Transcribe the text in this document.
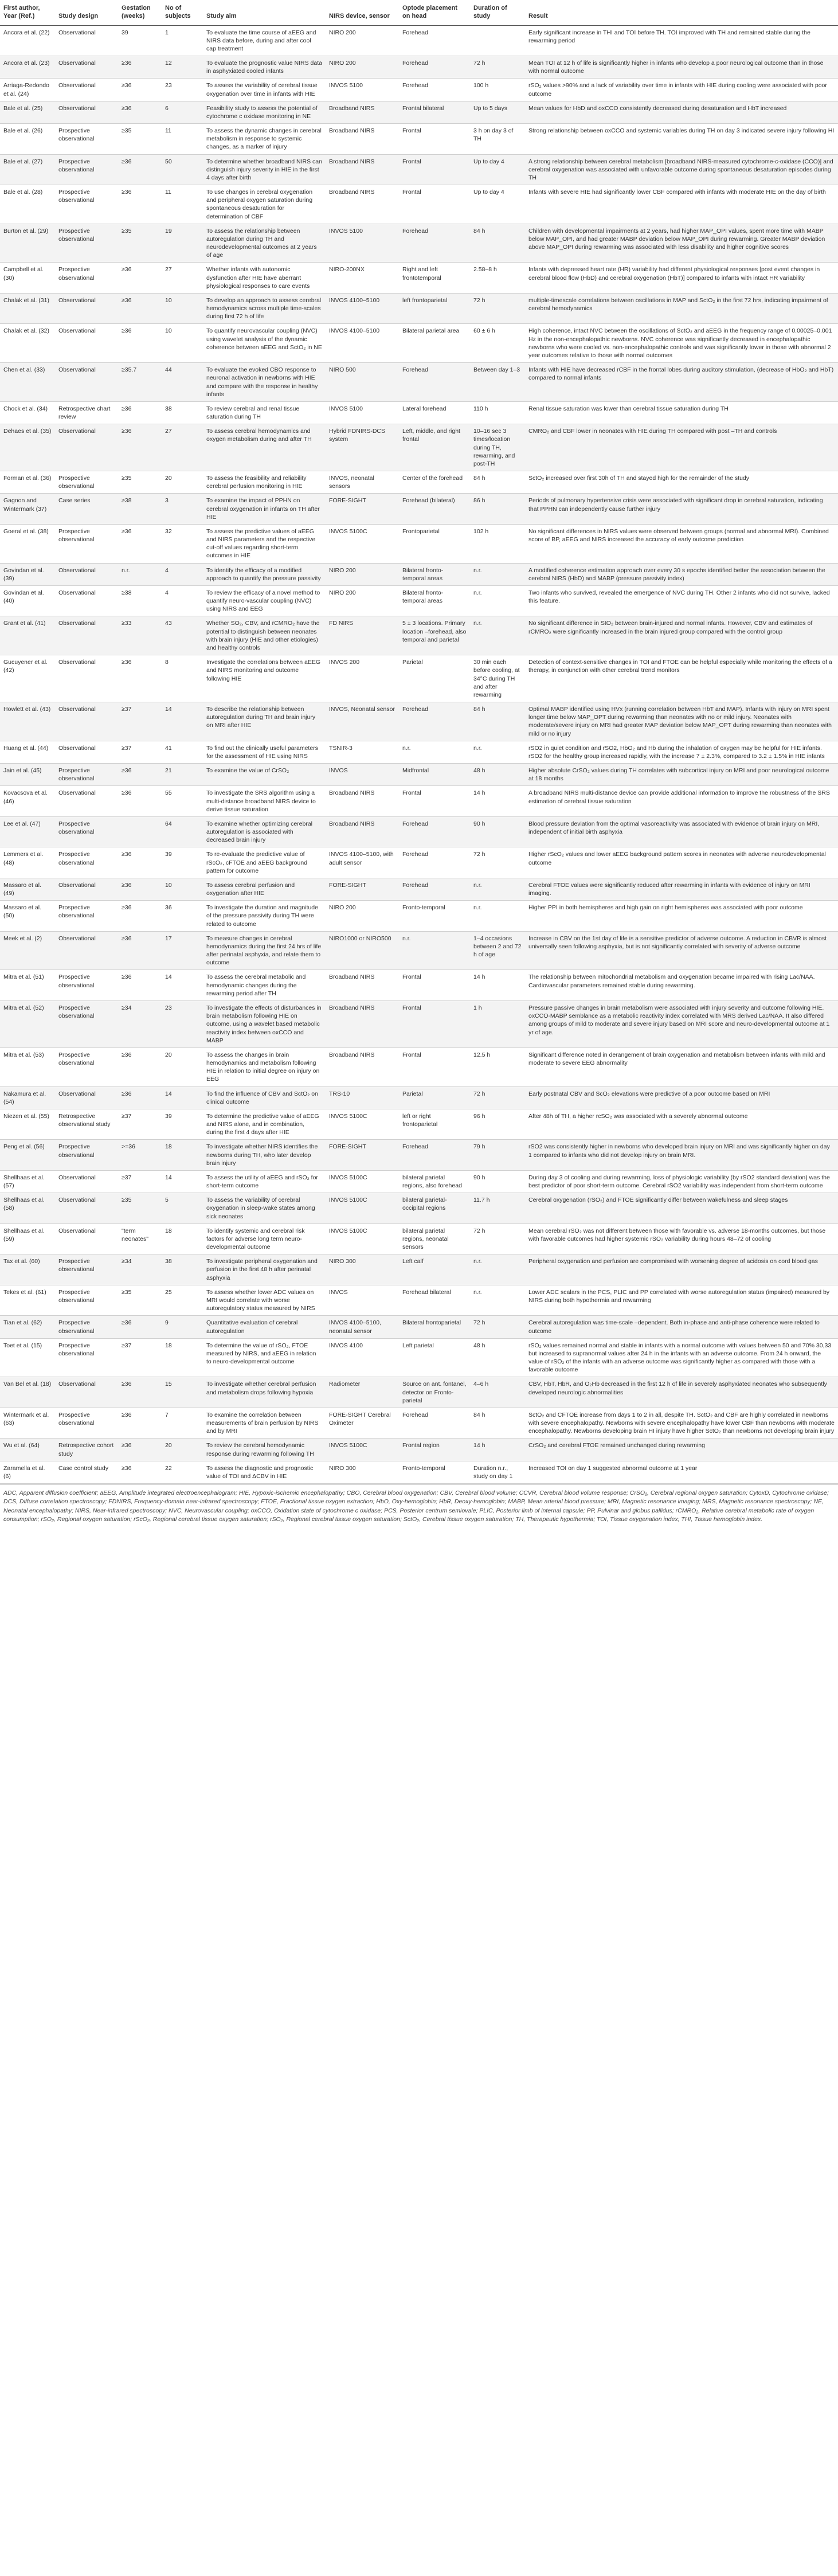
First author, Year (Ref.)	Study design	Gestation (weeks)	No of subjects	Study aim	NIRS device, sensor	Optode placement on head	Duration of study	Result
Ancora et al. (22)	Observational	39	1	To evaluate the time course of aEEG and NIRS data before, during and after cool cap treatment	NIRO 200	Forehead		Early significant increase in THI and TOI before TH. TOI improved with TH and remained stable during the rewarming period
Ancora et al. (23)	Observational	≥36	12	To evaluate the prognostic value NIRS data in asphyxiated cooled infants	NIRO 200	Forehead	72 h	Mean TOI at 12 h of life is significantly higher in infants who develop a poor neurological outcome than in those with normal outcome
Arriaga-Redondo et al. (24)	Observational	≥36	23	To assess the variability of cerebral tissue oxygenation over time in infants with HIE	INVOS 5100	Forehead	100 h	rSO₂ values >90% and a lack of variability over time in infants with HIE during cooling were associated with poor outcome
Bale et al. (25)	Observational	≥36	6	Feasibility study to assess the potential of cytochrome c oxidase monitoring in NE	Broadband NIRS	Frontal bilateral	Up to 5 days	Mean values for HbD and oxCCO consistently decreased during desaturation and HbT increased
Bale et al. (26)	Prospective observational	≥35	11	To assess the dynamic changes in cerebral metabolism in response to systemic changes, as a marker of injury	Broadband NIRS	Frontal	3 h on day 3 of TH	Strong relationship between oxCCO and systemic variables during TH on day 3 indicated severe injury following HI
Bale et al. (27)	Prospective observational	≥36	50	To determine whether broadband NIRS can distinguish injury severity in HIE in the first 4 days after birth	Broadband NIRS	Frontal	Up to day 4	A strong relationship between cerebral metabolism [broadband NIRS-measured cytochrome-c-oxidase (CCO)] and cerebral oxygenation was associated with unfavorable outcome during spontaneous desaturation episodes during TH
Bale et al. (28)	Prospective observational	≥36	11	To use changes in cerebral oxygenation and peripheral oxygen saturation during spontaneous desaturation for determination of CBF	Broadband NIRS	Frontal	Up to day 4	Infants with severe HIE had significantly lower CBF compared with infants with moderate HIE on the day of birth
Burton et al. (29)	Prospective observational	≥35	19	To assess the relationship between autoregulation during TH and neurodevelopmental outcomes at 2 years of age	INVOS 5100	Forehead	84 h	Children with developmental impairments at 2 years, had higher MAP_OPI values, spent more time with MABP below MAP_OPI, and had greater MABP deviation below MAP_OPI during rewarming. Greater MABP deviation above MAP_OPI during rewarming was associated with less disability and higher cognitive scores
Campbell et al. (30)	Prospective observational	≥36	27	Whether infants with autonomic dysfunction after HIE have aberrant physiological responses to care events	NIRO-200NX	Right and left frontotemporal	2.58–8 h	Infants with depressed heart rate (HR) variability had different physiological responses [post event changes in cerebral blood flow (HbD) and cerebral oxygenation (HbT)] compared to infants with intact HR variability
Chalak et al. (31)	Observational	≥36	10	To develop an approach to assess cerebral hemodynamics across multiple time-scales during first 72 h of life	INVOS 4100–5100	left frontoparietal	72 h	multiple-timescale correlations between oscillations in MAP and SctO₂ in the first 72 hrs, indicating impairment of cerebral hemodynamics
Chalak et al. (32)	Observational	≥36	10	To quantify neurovascular coupling (NVC) using wavelet analysis of the dynamic coherence between aEEG and SctO₂ in NE	INVOS 4100–5100	Bilateral parietal area	60 ± 6 h	High coherence, intact NVC between the oscillations of SctO₂ and aEEG in the frequency range of 0.00025–0.001 Hz in the non-encephalopathic newborns. NVC coherence was significantly decreased in encephalopathic newborns who were cooled vs. non-encephalopathic controls and was significantly lower in those with abnormal 2 year outcomes relative to those with normal outcomes
Chen et al. (33)	Observational	≥35.7	44	To evaluate the evoked CBO response to neuronal activation in newborns with HIE and compare with the response in healthy infants	NIRO 500	Forehead	Between day 1–3	Infants with HIE have decreased rCBF in the frontal lobes during auditory stimulation, (decrease of HbO₂ and HbT) compared to normal infants
Chock et al. (34)	Retrospective chart review	≥36	38	To review cerebral and renal tissue saturation during TH	INVOS 5100	Lateral forehead	110 h	Renal tissue saturation was lower than cerebral tissue saturation during TH
Dehaes et al. (35)	Observational	≥36	27	To assess cerebral hemodynamics and oxygen metabolism during and after TH	Hybrid FDNIRS-DCS system	Left, middle, and right frontal	10–16 sec 3 times/location during TH, rewarming, and post-TH	CMRO₂ and CBF lower in neonates with HIE during TH compared with post –TH and controls
Forman et al. (36)	Prospective observational	≥35	20	To assess the feasibility and reliability cerebral perfusion monitoring in HIE	INVOS, neonatal sensors	Center of the forehead	84 h	SctO₂ increased over first 30h of TH and stayed high for the remainder of the study
Gagnon and Wintermark (37)	Case series	≥38	3	To examine the impact of PPHN on cerebral oxygenation in infants on TH after HIE	FORE-SIGHT	Forehead (bilateral)	86 h	Periods of pulmonary hypertensive crisis were associated with significant drop in cerebral saturation, indicating that PPHN can independently cause further injury
Goeral et al. (38)	Prospective observational	≥36	32	To assess the predictive values of aEEG and NIRS parameters and the respective cut-off values regarding short-term outcomes in HIE	INVOS 5100C	Frontoparietal	102 h	No significant differences in NIRS values were observed between groups (normal and abnormal MRI). Combined score of BP, aEEG and NIRS increased the accuracy of early outcome prediction
Govindan et al. (39)	Observational	n.r.	4	To identify the efficacy of a modified approach to quantify the pressure passivity	NIRO 200	Bilateral fronto-temporal areas	n.r.	A modified coherence estimation approach over every 30 s epochs identified better the association between the cerebral NIRS (HbD) and MABP (pressure passivity index)
Govindan et al. (40)	Observational	≥38	4	To review the efficacy of a novel method to quantify neuro-vascular coupling (NVC) using NIRS and EEG	NIRO 200	Bilateral fronto-temporal areas	n.r.	Two infants who survived, revealed the emergence of NVC during TH. Other 2 infants who did not survive, lacked this feature.
Grant et al. (41)	Observational	≥33	43	Whether SO₂, CBV, and rCMRO₂ have the potential to distinguish between neonates with brain injury (HIE and other etiologies) and healthy controls	FD NIRS	5 ± 3 locations. Primary location –forehead, also temporal and parietal	n.r.	No significant difference in StO₂ between brain-injured and normal infants. However, CBV and estimates of rCMRO₂ were significantly increased in the brain injured group compared with the control group
Gucuyener et al. (42)	Observational	≥36	8	Investigate the correlations between aEEG and NIRS monitoring and outcome following HIE	INVOS 200	Parietal	30 min each before cooling, at 34°C during TH and after rewarming	Detection of context-sensitive changes in TOI and FTOE can be helpful especially while monitoring the effects of a therapy, in conjunction with other cerebral trend monitors
Howlett et al. (43)	Observational	≥37	14	To describe the relationship between autoregulation during TH and brain injury on MRI after HIE	INVOS, Neonatal sensor	Forehead	84 h	Optimal MABP identified using HVx (running correlation between HbT and MAP). Infants with injury on MRI spent longer time below MAP_OPT during rewarming than neonates with no or mild injury. Neonates with moderate/severe injury on MRI had greater MAP deviation below MAP_OPT during rewarming than neonates with mild or no injury
Huang et al. (44)	Observational	≥37	41	To find out the clinically useful parameters for the assessment of HIE using NIRS	TSNIR-3	n.r.	n.r.	rSO2 in quiet condition and rSO2, HbO₂ and Hb during the inhalation of oxygen may be helpful for HIE infants. rSO2 for the healthy group increased rapidly, with the increase 7 ± 2.3%, compared to 3.2 ± 1.5% in HIE infants
Jain et al. (45)	Prospective observational	≥36	21	To examine the value of CrSO₂	INVOS	Midfrontal	48 h	Higher absolute CrSO₂ values during TH correlates with subcortical injury on MRI and poor neurological outcome at 18 months
Kovacsova et al. (46)	Observational	≥36	55	To investigate the SRS algorithm using a multi-distance broadband NIRS device to derive tissue saturation	Broadband NIRS	Frontal	14 h	A broadband NIRS multi-distance device can provide additional information to improve the robustness of the SRS estimation of cerebral tissue saturation
Lee et al. (47)	Prospective observational		64	To examine whether optimizing cerebral autoregulation is associated with decreased brain injury	Broadband NIRS	Forehead	90 h	Blood pressure deviation from the optimal vasoreactivity was associated with evidence of brain injury on MRI, independent of initial birth asphyxia
Lemmers et al. (48)	Prospective observational	≥36	39	To re-evaluate the predictive value of rScO₂, cFTOE and aEEG background pattern for outcome	INVOS 4100–5100, with adult sensor	Forehead	72 h	Higher rScO₂ values and lower aEEG background pattern scores in neonates with adverse neurodevelopmental outcome
Massaro et al. (49)	Observational	≥36	10	To assess cerebral perfusion and oxygenation after HIE	FORE-SIGHT	Forehead	n.r.	Cerebral FTOE values were significantly reduced after rewarming in infants with evidence of injury on MRI imaging.
Massaro et al. (50)	Prospective observational	≥36	36	To investigate the duration and magnitude of the pressure passivity during TH were related to outcome	NIRO 200	Fronto-temporal	n.r.	Higher PPI in both hemispheres and high gain on right hemispheres was associated with poor outcome
Meek et al. (2)	Observational	≥36	17	To measure changes in cerebral hemodynamics during the first 24 hrs of life after perinatal asphyxia, and relate them to outcome	NIRO1000 or NIRO500	n.r.	1–4 occasions between 2 and 72 h of age	Increase in CBV on the 1st day of life is a sensitive predictor of adverse outcome. A reduction in CBVR is almost universally seen following asphyxia, but is not significantly correlated with severity of adverse outcome
Mitra et al. (51)	Prospective observational	≥36	14	To assess the cerebral metabolic and hemodynamic changes during the rewarming period after TH	Broadband NIRS	Frontal	14 h	The relationship between mitochondrial metabolism and oxygenation became impaired with rising Lac/NAA. Cardiovascular parameters remained stable during rewarming.
Mitra et al. (52)	Prospective observational	≥34	23	To investigate the effects of disturbances in brain metabolism following HIE on outcome, using a wavelet based metabolic reactivity index between oxCCO and MABP	Broadband NIRS	Frontal	1 h	Pressure passive changes in brain metabolism were associated with injury severity and outcome following HIE. oxCCO-MABP semblance as a metabolic reactivity index correlated with MRS derived Lac/NAA. It also differed among groups of mild to moderate and severe injury based on MRI score and neuro-developmental outcome at 1 yr of age.
Mitra et al. (53)	Prospective observational	≥36	20	To assess the changes in brain hemodynamics and metabolism following HIE in relation to initial degree on injury on EEG	Broadband NIRS	Frontal	12.5 h	Significant difference noted in derangement of brain oxygenation and metabolism between infants with mild and moderate to severe EEG abnormality
Nakamura et al. (54)	Observational	≥36	14	To find the influence of CBV and SctO₂ on clinical outcome	TRS-10	Parietal	72 h	Early postnatal CBV and ScO₂ elevations were predictive of a poor outcome based on MRI
Niezen et al. (55)	Retrospective observational study	≥37	39	To determine the predictive value of aEEG and NIRS alone, and in combination, during the first 4 days after HIE	INVOS 5100C	left or right frontoparietal	96 h	After 48h of TH, a higher rcSO₂ was associated with a severely abnormal outcome
Peng et al. (56)	Prospective observational	>=36	18	To investigate whether NIRS identifies the newborns during TH, who later develop brain injury	FORE-SIGHT	Forehead	79 h	rSO2 was consistently higher in newborns who developed brain injury on MRI and was significantly higher on day 1 compared to infants who did not develop injury on brain MRI.
Shellhaas et al. (57)	Observational	≥37	14	To assess the utility of aEEG and rSO₂ for short-term outcome	INVOS 5100C	bilateral parietal regions, also forehead	90 h	During day 3 of cooling and during rewarming, loss of physiologic variability (by rSO2 standard deviation) was the best predictor of poor short-term outcome. Cerebral rSO2 variability was independent from short-term outcome
Shellhaas et al. (58)	Observational	≥35	5	To assess the variability of cerebral oxygenation in sleep-wake states among sick neonates	INVOS 5100C	bilateral parietal-occipital regions	11.7 h	Cerebral oxygenation (rSO₂) and FTOE significantly differ between wakefulness and sleep stages
Shellhaas et al. (59)	Observational	"term neonates"	18	To identify systemic and cerebral risk factors for adverse long term neuro-developmental outcome	INVOS 5100C	bilateral parietal regions, neonatal sensors	72 h	Mean cerebral rSO₂ was not different between those with favorable vs. adverse 18-months outcomes, but those with favorable outcomes had higher systemic rSO₂ variability during hours 48–72 of cooling
Tax et al. (60)	Prospective observational	≥34	38	To investigate peripheral oxygenation and perfusion in the first 48 h after perinatal asphyxia	NIRO 300	Left calf	n.r.	Peripheral oxygenation and perfusion are compromised with worsening degree of acidosis on cord blood gas
Tekes et al. (61)	Prospective observational	≥35	25	To assess whether lower ADC values on MRI would correlate with worse autoregulatory status measured by NIRS	INVOS	Forehead bilateral	n.r.	Lower ADC scalars in the PCS, PLIC and PP correlated with worse autoregulation status (impaired) measured by NIRS during both hypothermia and rewarming
Tian et al. (62)	Prospective observational	≥36	9	Quantitative evaluation of cerebral autoregulation	INVOS 4100–5100, neonatal sensor	Bilateral frontoparietal	72 h	Cerebral autoregulation was time-scale –dependent. Both in-phase and anti-phase coherence were related to outcome
Toet et al. (15)	Prospective observational	≥37	18	To determine the value of rSO₂, FTOE measured by NIRS, and aEEG in relation to neuro-developmental outcome	INVOS 4100	Left parietal	48 h	rSO₂ values remained normal and stable in infants with a normal outcome with values between 50 and 70% 30,33 but increased to supranormal values after 24 h in the infants with an adverse outcome. From 24 h onward, the value of rSO₂ of the infants with an adverse outcome was significantly higher as compared with those with a favorable outcome
Van Bel et al. (18)	Observational	≥36	15	To investigate whether cerebral perfusion and metabolism drops following hypoxia	Radiometer	Source on ant. fontanel, detector on Fronto-parietal	4–6 h	CBV, HbT, HbR, and O₂Hb decreased in the first 12 h of life in severely asphyxiated neonates who subsequently developed neurologic abnormalities
Wintermark et al. (63)	Prospective observational	≥36	7	To examine the correlation between measurements of brain perfusion by NIRS and by MRI	FORE-SIGHT Cerebral Oximeter	Forehead	84 h	SctO₂ and CFTOE increase from days 1 to 2 in all, despite TH. SctO₂ and CBF are highly correlated in newborns with severe encephalopathy. Newborns with severe encephalopathy have lower CBF than newborns with moderate encephalopathy. Newborns developing brain HI injury have higher SctO₂ than newborns not developing brain injury
Wu et al. (64)	Retrospective cohort study	≥36	20	To review the cerebral hemodynamic response during rewarming following TH	INVOS 5100C	Frontal region	14 h	CrSO₂ and cerebral FTOE remained unchanged during rewarming
Zaramella et al. (6)	Case control study	≥36	22	To assess the diagnostic and prognostic value of TOI and ΔCBV in HIE	NIRO 300	Fronto-temporal	Duration n.r., study on day 1	Increased TOI on day 1 suggested abnormal outcome at 1 year
ADC, Apparent diffusion coefficient; aEEG, Amplitude integrated electroencephalogram; HIE, Hypoxic-ischemic encephalopathy; CBO, Cerebral blood oxygenation; CBV, Cerebral blood volume; CCVR, Cerebral blood volume response; CrSO₂, Cerebral regional oxygen saturation; CytoxD, Cytochrome oxidase; DCS, Diffuse correlation spectroscopy; FDNIRS, Frequency-domain near-infrared spectroscopy; FTOE, Fractional tissue oxygen extraction; HbO, Oxy-hemoglobin; HbR, Deoxy-hemoglobin; MABP, Mean arterial blood pressure; MRI, Magnetic resonance imaging; MRS, Magnetic resonance spectroscopy; NE, Neonatal encephalopathy; NIRS, Near-infrared spectroscopy; NVC, Neurovascular coupling; oxCCO, Oxidation state of cytochrome c oxidase; PCS, Posterior centrum semiovale; PLIC, Posterior limb of internal capsule; PP, Pulvinar and globus pallidus; rCMRO₂, Relative cerebral metabolic rate of oxygen consumption; rSO₂, Regional oxygen saturation; rScO₂, Regional cerebral tissue oxygen saturation; rSO₂, Regional cerebral tissue oxygen saturation; SctO₂, Cerebral tissue oxygen saturation; TH, Therapeutic hypothermia; TOI, Tissue oxygenation index; THI, Tissue hemoglobin index.
